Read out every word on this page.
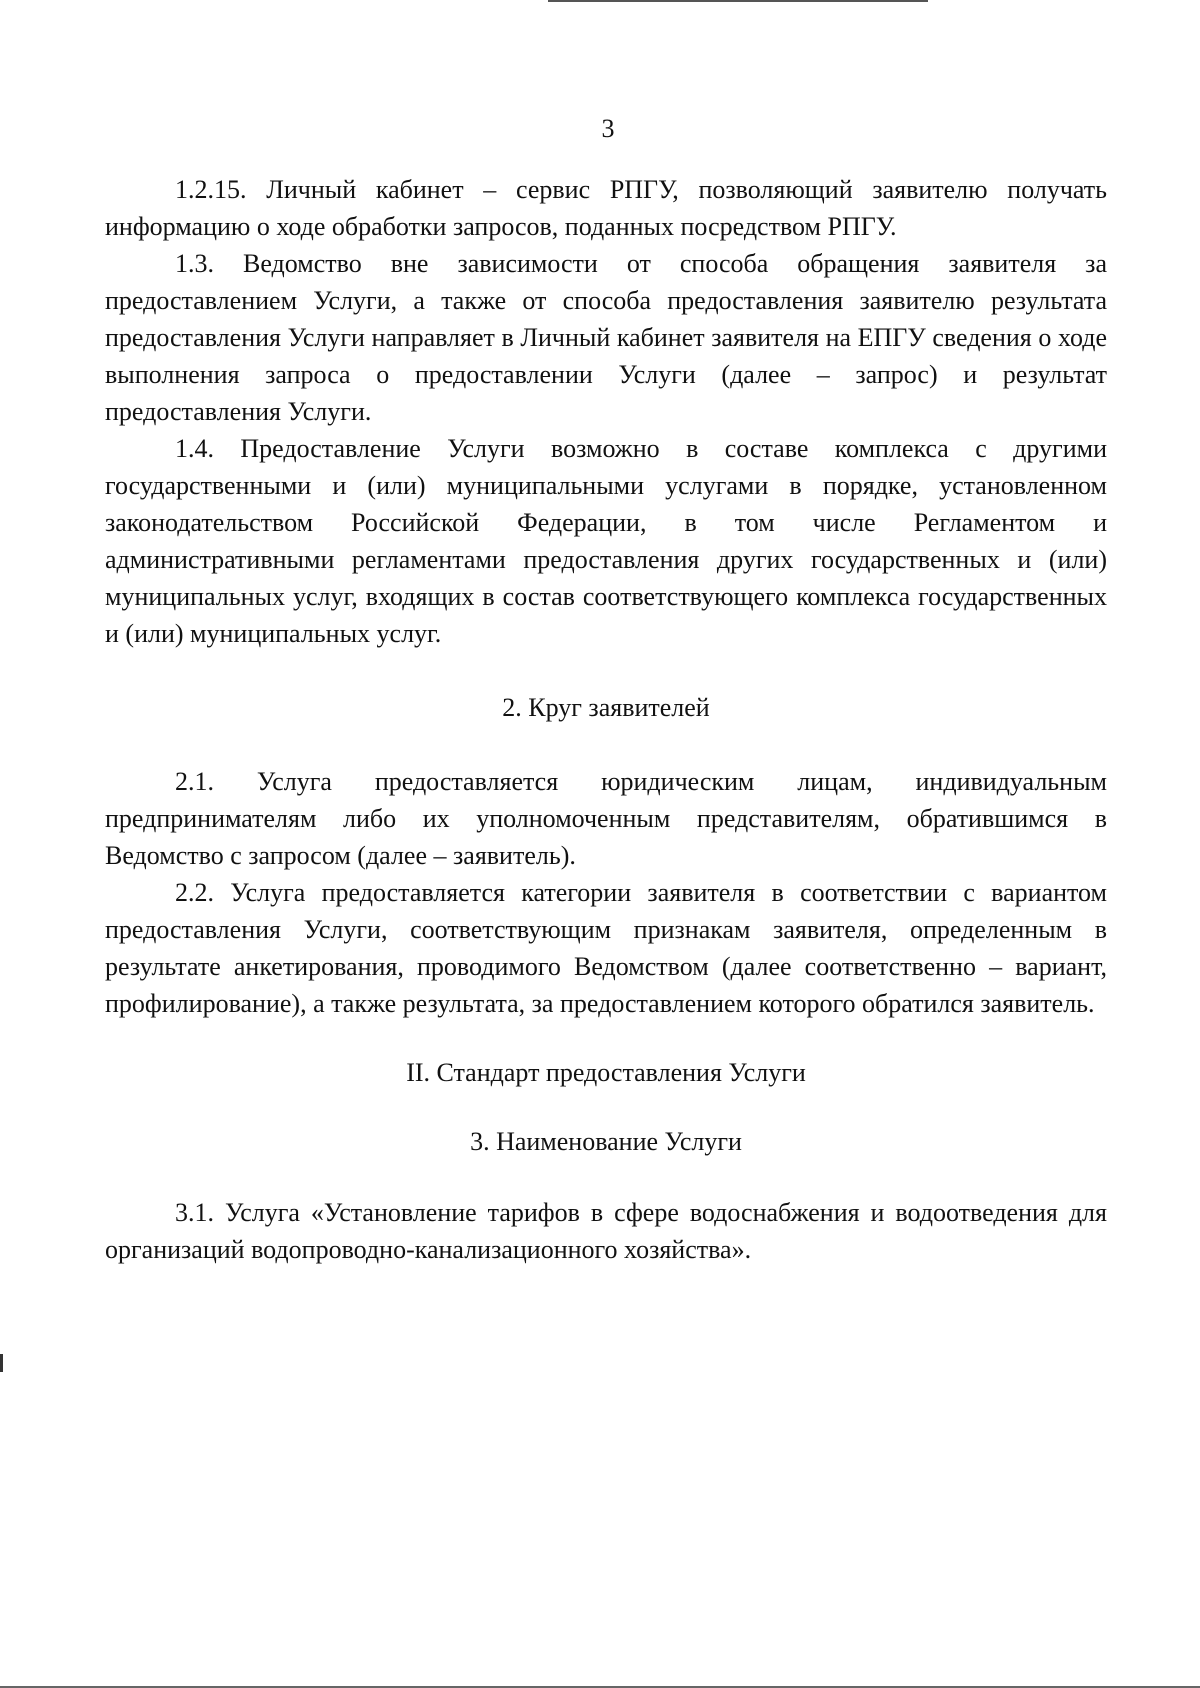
3

1.2.15. Личный кабинет – сервис РПГУ, позволяющий заявителю получать информацию о ходе обработки запросов, поданных посредством РПГУ.

1.3. Ведомство вне зависимости от способа обращения заявителя за предоставлением Услуги, а также от способа предоставления заявителю результата предоставления Услуги направляет в Личный кабинет заявителя на ЕПГУ сведения о ходе выполнения запроса о предоставлении Услуги (далее – запрос) и результат предоставления Услуги.

1.4. Предоставление Услуги возможно в составе комплекса с другими государственными и (или) муниципальными услугами в порядке, установленном законодательством Российской Федерации, в том числе Регламентом и административными регламентами предоставления других государственных и (или) муниципальных услуг, входящих в состав соответствующего комплекса государственных и (или) муниципальных услуг.

2. Круг заявителей

2.1. Услуга предоставляется юридическим лицам, индивидуальным предпринимателям либо их уполномоченным представителям, обратившимся в Ведомство с запросом (далее – заявитель).

2.2. Услуга предоставляется категории заявителя в соответствии с вариантом предоставления Услуги, соответствующим признакам заявителя, определенным в результате анкетирования, проводимого Ведомством (далее соответственно – вариант, профилирование), а также результата, за предоставлением которого обратился заявитель.

II. Стандарт предоставления Услуги

3. Наименование Услуги

3.1. Услуга «Установление тарифов в сфере водоснабжения и водоотведения для организаций водопроводно-канализационного хозяйства».
